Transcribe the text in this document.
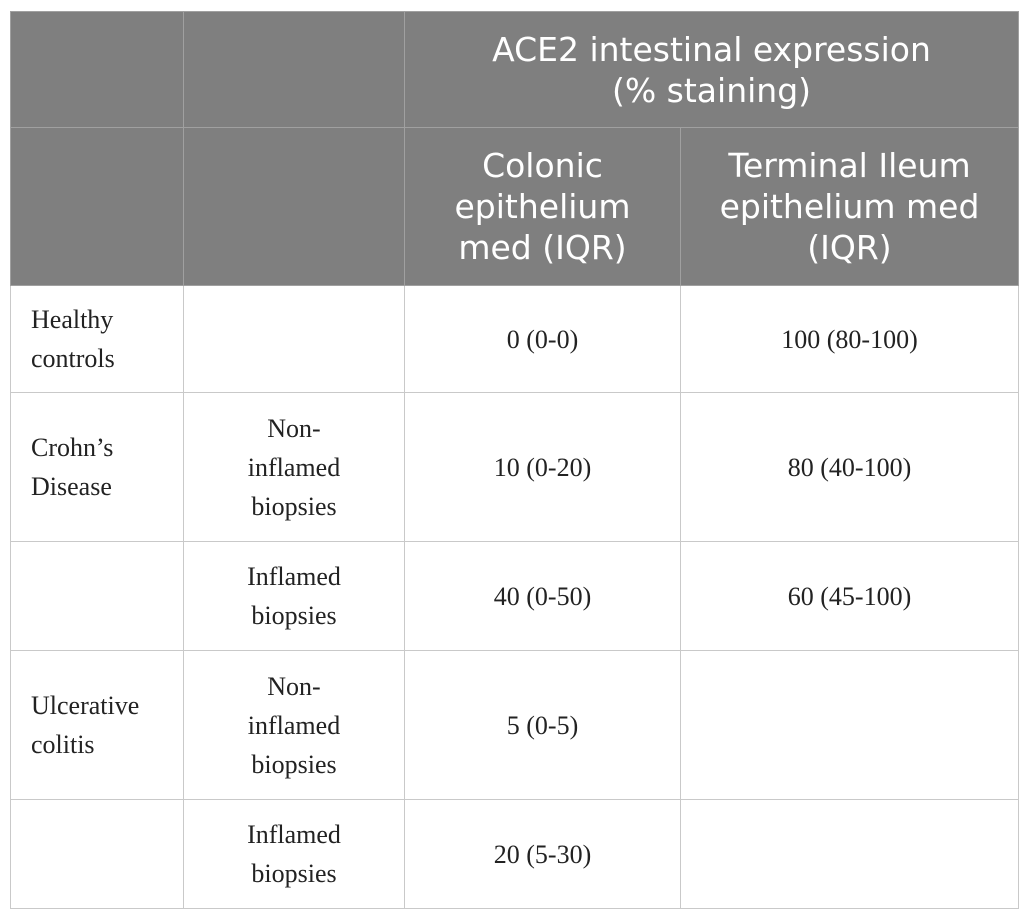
		ACE2 intestinal expression (% staining)	

		Colonic epithelium med (IQR)	Terminal Ileum epithelium med (IQR)

Healthy controls		0 (0-0)	100 (80-100)

Crohn’s Disease	Non-inflamed biopsies	10 (0-20)	80 (40-100)

	Inflamed biopsies	40 (0-50)	60 (45-100)

Ulcerative colitis	Non-inflamed biopsies	5 (0-5)	

	Inflamed biopsies	20 (5-30)	
